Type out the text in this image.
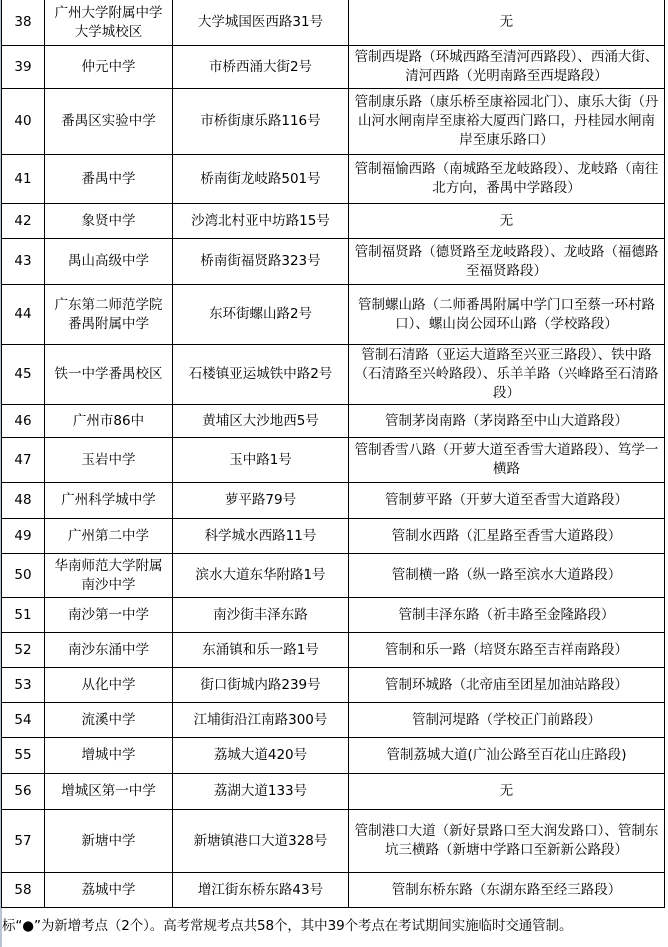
38	广州大学附属中学大学城校区	大学城国医西路31号	无
39	仲元中学	市桥西涌大街2号	管制西堤路（环城西路至清河西路段）、西涌大街、清河西路（光明南路至西堤路段）
40	番禺区实验中学	市桥街康乐路116号	管制康乐路（康乐桥至康裕园北门）、康乐大街（丹山河水闸南岸至康裕大厦西门路口，丹桂园水闸南岸至康乐路口）
41	番禺中学	桥南街龙岐路501号	管制福愉西路（南城路至龙岐路段）、龙岐路（南往北方向，番禺中学路段）
42	象贤中学	沙湾北村亚中坊路15号	无
43	禺山高级中学	桥南街福贤路323号	管制福贤路（德贤路至龙岐路段）、龙岐路（福德路至福贤路段）
44	广东第二师范学院番禺附属中学	东环街螺山路2号	管制螺山路（二师番禺附属中学门口至蔡一环村路口）、螺山岗公园环山路（学校路段）
45	铁一中学番禺校区	石楼镇亚运城铁中路2号	管制石清路（亚运大道路至兴亚三路段）、铁中路（石清路至兴岭路段）、乐羊羊路（兴峰路至石清路段）
46	广州市86中	黄埔区大沙地西5号	管制茅岗南路（茅岗路至中山大道路段）
47	玉岩中学	玉中路1号	管制香雪八路（开萝大道至香雪大道路段）、笃学一横路
48	广州科学城中学	萝平路79号	管制萝平路（开萝大道至香雪大道路段）
49	广州第二中学	科学城水西路11号	管制水西路（汇星路至香雪大道路段）
50	华南师范大学附属南沙中学	滨水大道东华附路1号	管制横一路（纵一路至滨水大道路段）
51	南沙第一中学	南沙街丰泽东路	管制丰泽东路（祈丰路至金隆路段）
52	南沙东涌中学	东涌镇和乐一路1号	管制和乐一路（培贤东路至吉祥南路段）
53	从化中学	街口街城内路239号	管制环城路（北帝庙至团星加油站路段）
54	流溪中学	江埔街沿江南路300号	管制河堤路（学校正门前路段）
55	增城中学	荔城大道420号	管制荔城大道(广汕公路至百花山庄路段)
56	增城区第一中学	荔湖大道133号	无
57	新塘中学	新塘镇港口大道328号	管制港口大道（新好景路口至大润发路口）、管制东坑三横路（新塘中学路口至新新公路段）
58	荔城中学	增江街东桥东路43号	管制东桥东路（东湖东路至经三路段）
标“●”为新增考点（2个）。高考常规考点共58个，其中39个考点在考试期间实施临时交通管制。
